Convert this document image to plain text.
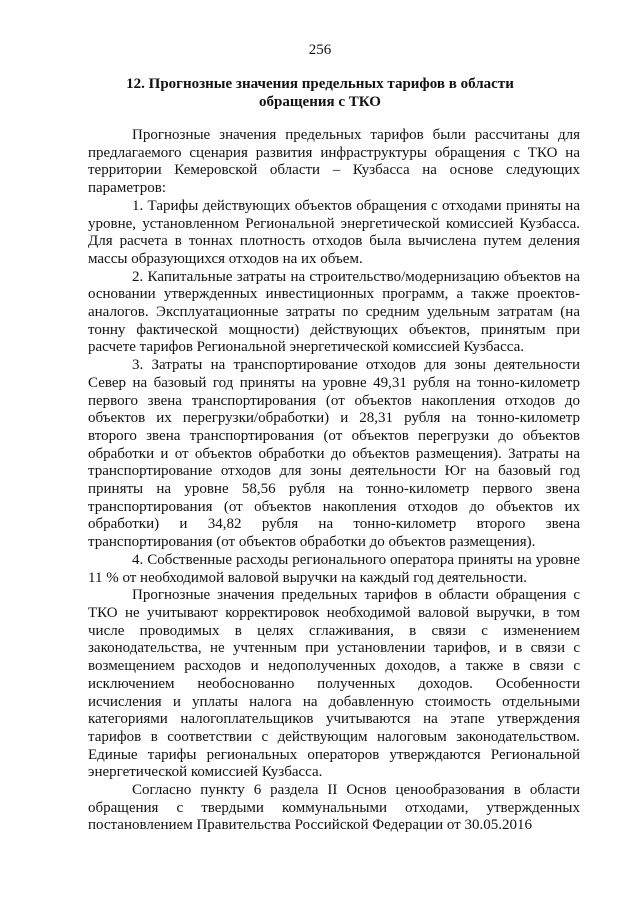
256
12. Прогнозные значения предельных тарифов в области
обращения с ТКО

Прогнозные значения предельных тарифов были рассчитаны для предлагаемого сценария развития инфраструктуры обращения с ТКО на территории Кемеровской области – Кузбасса на основе следующих параметров:

1. Тарифы действующих объектов обращения с отходами приняты на уровне, установленном Региональной энергетической комиссией Кузбасса. Для расчета в тоннах плотность отходов была вычислена путем деления массы образующихся отходов на их объем.

2. Капитальные затраты на строительство/модернизацию объектов на основании утвержденных инвестиционных программ, а также проектов-аналогов. Эксплуатационные затраты по средним удельным затратам (на тонну фактической мощности) действующих объектов, принятым при расчете тарифов Региональной энергетической комиссией Кузбасса.

3. Затраты на транспортирование отходов для зоны деятельности Север на базовый год приняты на уровне 49,31 рубля на тонно-километр первого звена транспортирования (от объектов накопления отходов до объектов их перегрузки/обработки) и 28,31 рубля на тонно-километр второго звена транспортирования (от объектов перегрузки до объектов обработки и от объектов обработки до объектов размещения). Затраты на транспортирование отходов для зоны деятельности Юг на базовый год приняты на уровне 58,56 рубля на тонно-километр первого звена транспортирования (от объектов накопления отходов до объектов их обработки) и 34,82 рубля на тонно-километр второго звена транспортирования (от объектов обработки до объектов размещения).

4. Собственные расходы регионального оператора приняты на уровне 11 % от необходимой валовой выручки на каждый год деятельности.

Прогнозные значения предельных тарифов в области обращения с ТКО не учитывают корректировок необходимой валовой выручки, в том числе проводимых в целях сглаживания, в связи с изменением законодательства, не учтенным при установлении тарифов, и в связи с возмещением расходов и недополученных доходов, а также в связи с исключением необоснованно полученных доходов. Особенности исчисления и уплаты налога на добавленную стоимость отдельными категориями налогоплательщиков учитываются на этапе утверждения тарифов в соответствии с действующим налоговым законодательством. Единые тарифы региональных операторов утверждаются Региональной энергетической комиссией Кузбасса.

Согласно пункту 6 раздела II Основ ценообразования в области обращения с твердыми коммунальными отходами, утвержденных постановлением Правительства Российской Федерации от 30.05.2016
